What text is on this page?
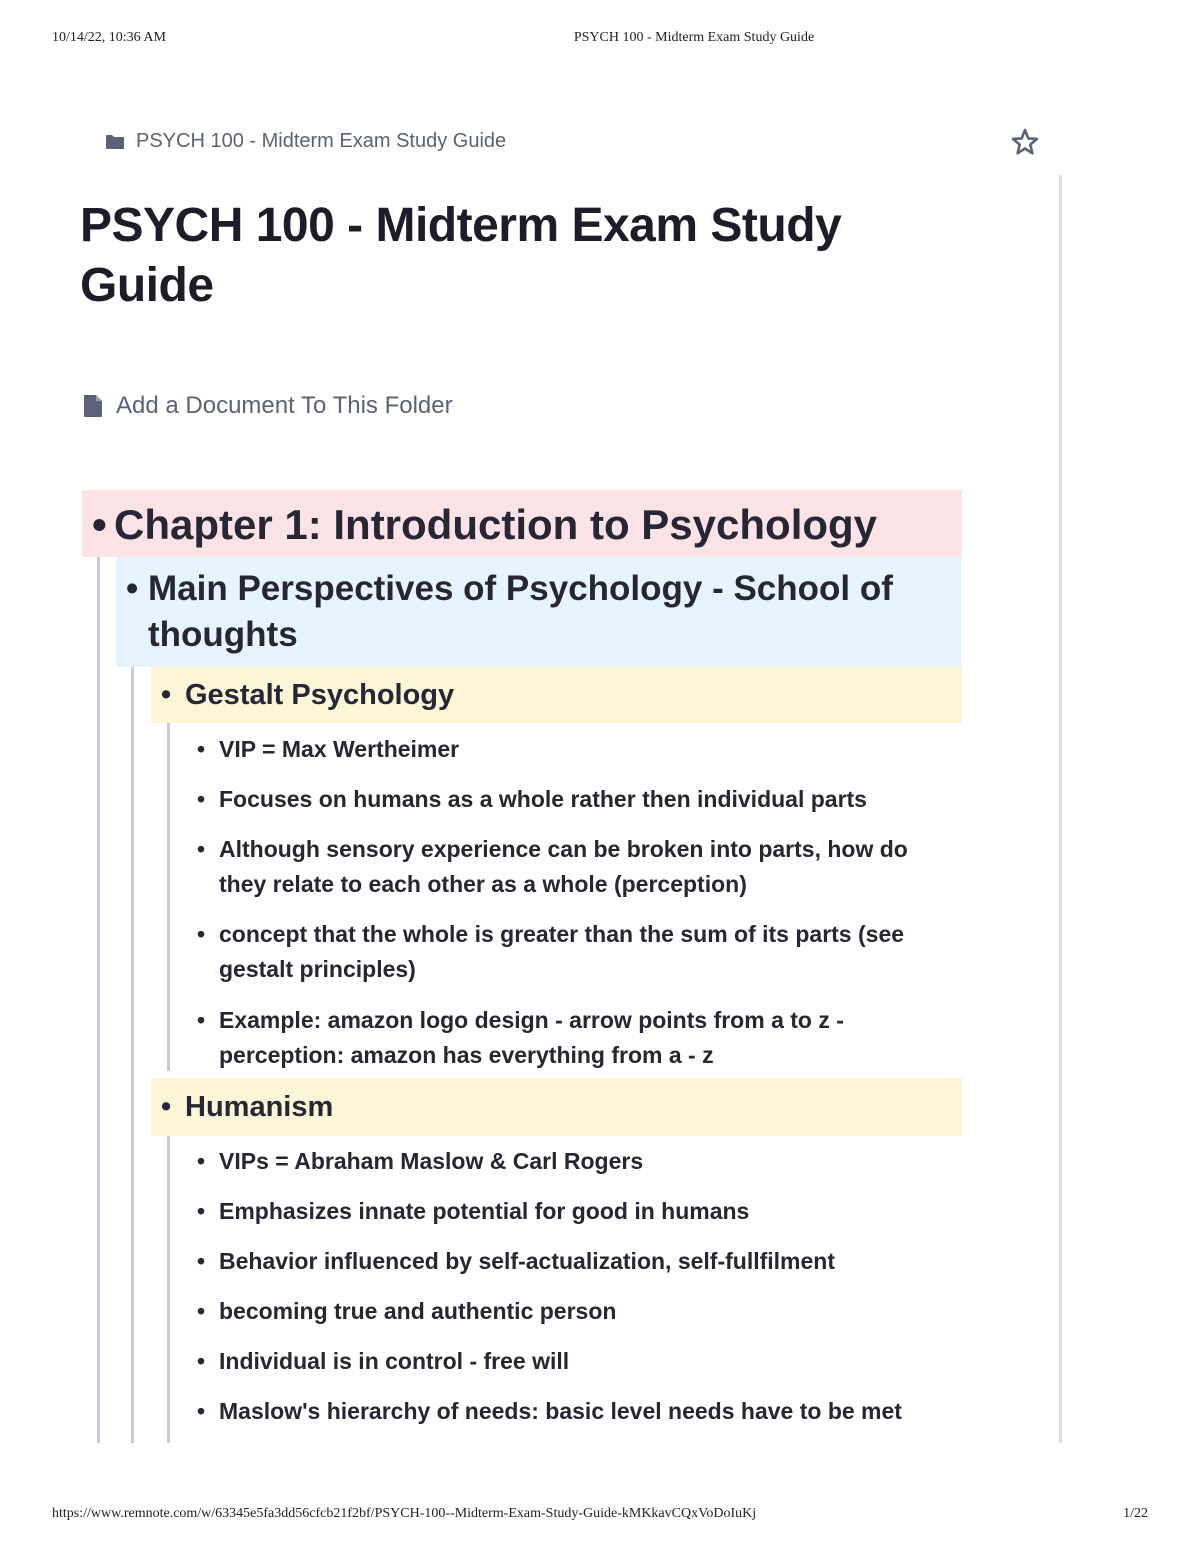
10/14/22, 10:36 AM	PSYCH 100 - Midterm Exam Study Guide
PSYCH 100 - Midterm Exam Study Guide
PSYCH 100 - Midterm Exam Study Guide
Add a Document To This Folder
• Chapter 1: Introduction to Psychology
• Main Perspectives of Psychology - School of thoughts
• Gestalt Psychology
• VIP = Max Wertheimer
• Focuses on humans as a whole rather then individual parts
• Although sensory experience can be broken into parts, how do they relate to each other as a whole (perception)
• concept that the whole is greater than the sum of its parts (see gestalt principles)
• Example: amazon logo design - arrow points from a to z - perception: amazon has everything from a - z
• Humanism
• VIPs = Abraham Maslow & Carl Rogers
• Emphasizes innate potential for good in humans
• Behavior influenced by self-actualization, self-fullfilment
• becoming true and authentic person
• Individual is in control - free will
• Maslow's hierarchy of needs: basic level needs have to be met
https://www.remnote.com/w/63345e5fa3dd56cfcb21f2bf/PSYCH-100--Midterm-Exam-Study-Guide-kMKkavCQxVoDoIuKj	1/22
